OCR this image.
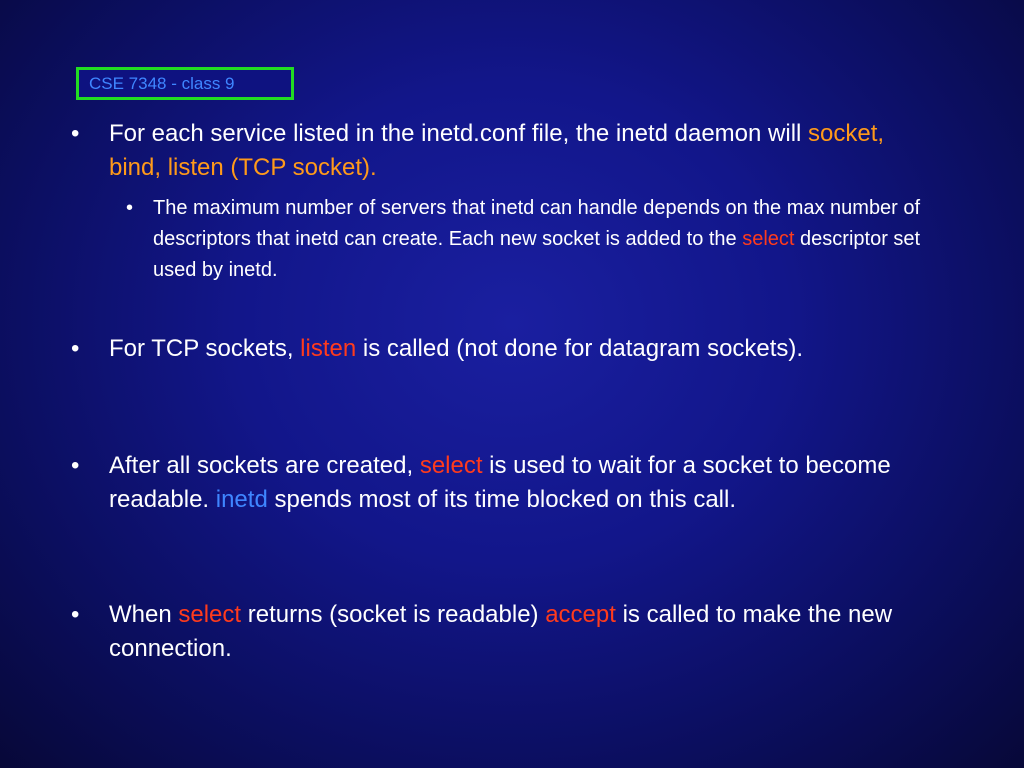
CSE 7348 - class 9
• For each service listed in the inetd.conf file, the inetd daemon will socket, bind, listen (TCP socket).
• The maximum number of servers that inetd can handle depends on the max number of descriptors that inetd can create. Each new socket is added to the select descriptor set used by inetd.
• For TCP sockets, listen is called (not done for datagram sockets).
• After all sockets are created, select is used to wait for a socket to become readable. inetd spends most of its time blocked on this call.
• When select returns (socket is readable) accept is called to make the new connection.
